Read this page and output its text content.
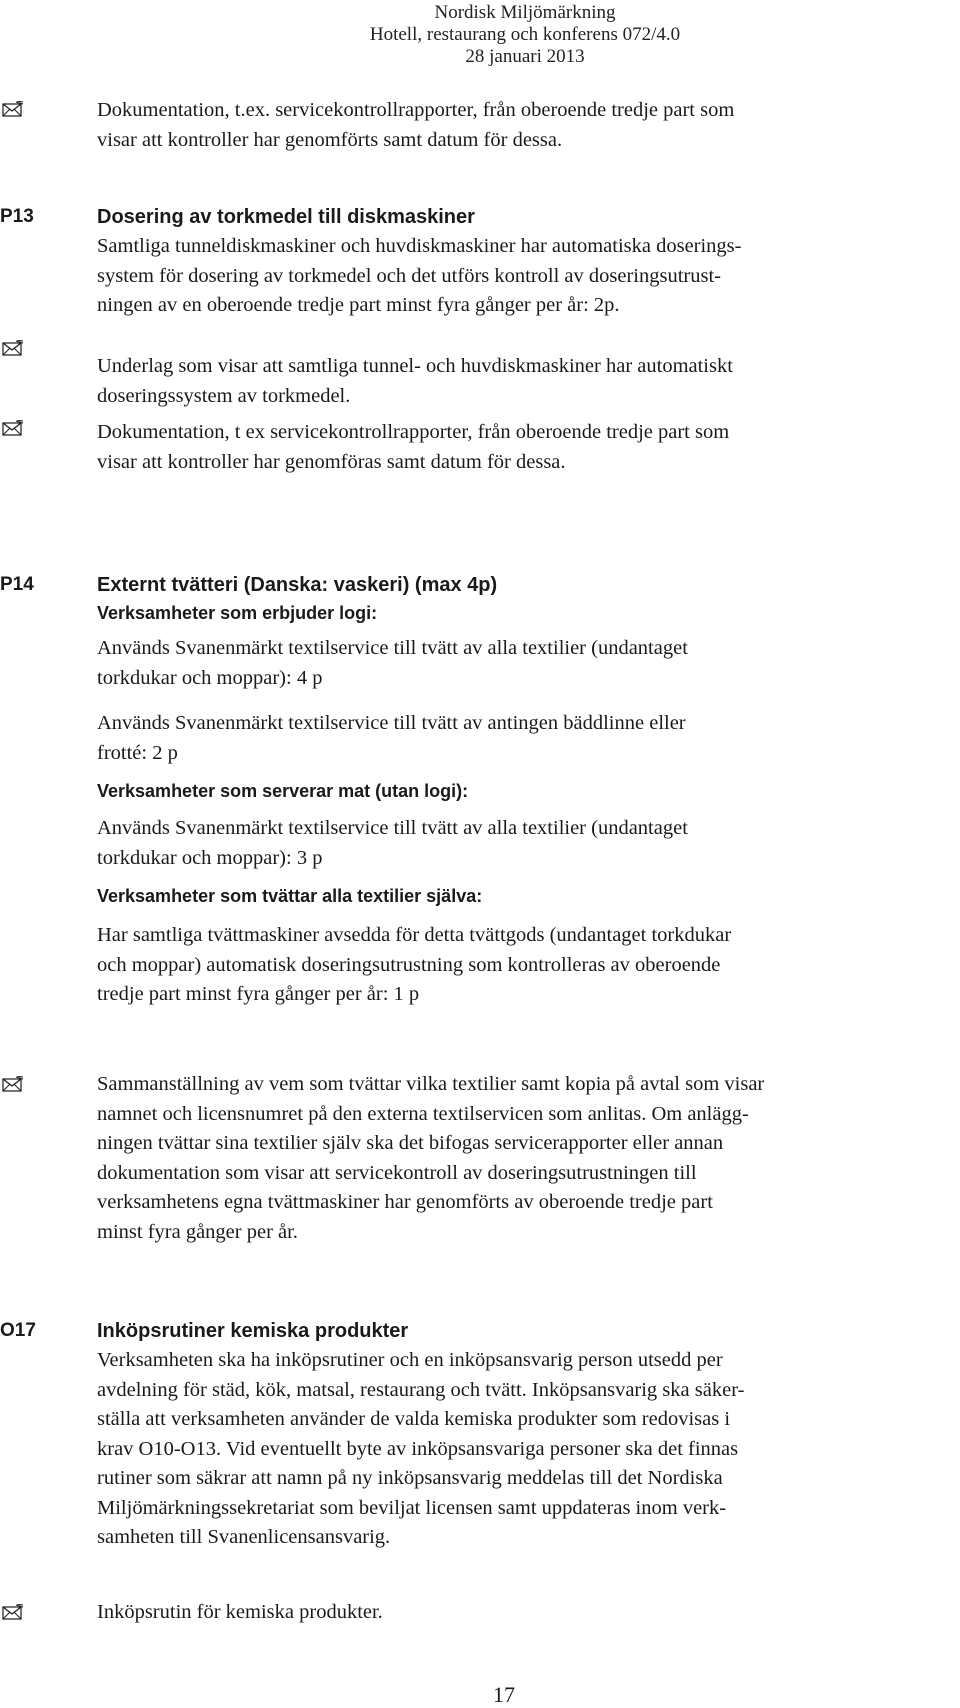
Nordisk Miljömärkning
Hotell, restaurang och konferens 072/4.0
28 januari 2013

Dokumentation, t.ex. servicekontrollrapporter, från oberoende tredje part som

visar att kontroller har genomförts samt datum för dessa.

P13	Dosering av torkmedel till diskmaskiner

Samtliga tunneldiskmaskiner och huvdiskmaskiner har automatiska doserings-

system för dosering av torkmedel och det utförs kontroll av doseringsutrust-

ningen av en oberoende tredje part minst fyra gånger per år: 2p.

Underlag som visar att samtliga tunnel- och huvdiskmaskiner har automatiskt

doseringssystem av torkmedel.

Dokumentation, t ex servicekontrollrapporter, från oberoende tredje part som

visar att kontroller har genomföras samt datum för dessa.

P14	Externt tvätteri (Danska: vaskeri) (max 4p)

Verksamheter som erbjuder logi:

Används Svanenmärkt textilservice till tvätt av alla textilier (undantaget

torkdukar och moppar): 4 p

Används Svanenmärkt textilservice till tvätt av antingen bäddlinne eller

frotté: 2 p

Verksamheter som serverar mat (utan logi):

Används Svanenmärkt textilservice till tvätt av alla textilier (undantaget

torkdukar och moppar): 3 p

Verksamheter som tvättar alla textilier själva:

Har samtliga tvättmaskiner avsedda för detta tvättgods (undantaget torkdukar

och moppar) automatisk doseringsutrustning som kontrolleras av oberoende

tredje part minst fyra gånger per år: 1 p

Sammanställning av vem som tvättar vilka textilier samt kopia på avtal som visar

namnet och licensnumret på den externa textilservicen som anlitas. Om anlägg-

ningen tvättar sina textilier själv ska det bifogas servicerapporter eller annan

dokumentation som visar att servicekontroll av doseringsutrustningen till

verksamhetens egna tvättmaskiner har genomförts av oberoende tredje part

minst fyra gånger per år.

O17	Inköpsrutiner kemiska produkter

Verksamheten ska ha inköpsrutiner och en inköpsansvarig person utsedd per

avdelning för städ, kök, matsal, restaurang och tvätt. Inköpsansvarig ska säker-

ställa att verksamheten använder de valda kemiska produkter som redovisas i

krav O10-O13. Vid eventuellt byte av inköpsansvariga personer ska det finnas

rutiner som säkrar att namn på ny inköpsansvarig meddelas till det Nordiska

Miljömärkningssekretariat som beviljat licensen samt uppdateras inom verk-

samheten till Svanenlicensansvarig.

Inköpsrutin för kemiska produkter.

17
